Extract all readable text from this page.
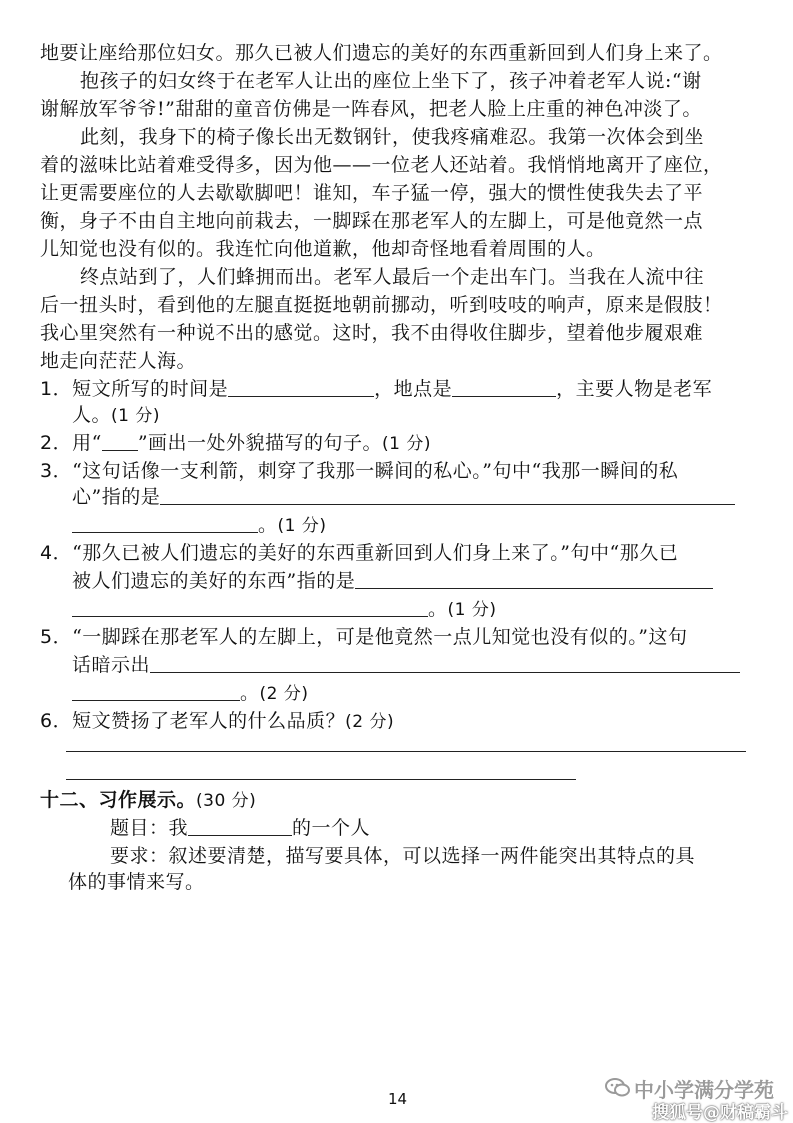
地要让座给那位妇女。那久已被人们遗忘的美好的东西重新回到人们身上来了。
抱孩子的妇女终于在老军人让出的座位上坐下了，孩子冲着老军人说:“谢
谢解放军爷爷!”甜甜的童音仿佛是一阵春风，把老人脸上庄重的神色冲淡了。
此刻，我身下的椅子像长出无数钢针，使我疼痛难忍。我第一次体会到坐
着的滋味比站着难受得多，因为他——一位老人还站着。我悄悄地离开了座位，
让更需要座位的人去歇歇脚吧！谁知，车子猛一停，强大的惯性使我失去了平
衡，身子不由自主地向前栽去，一脚踩在那老军人的左脚上，可是他竟然一点
儿知觉也没有似的。我连忙向他道歉，他却奇怪地看着周围的人。
终点站到了，人们蜂拥而出。老军人最后一个走出车门。当我在人流中往
后一扭头时，看到他的左腿直挺挺地朝前挪动，听到吱吱的响声，原来是假肢！
我心里突然有一种说不出的感觉。这时，我不由得收住脚步，望着他步履艰难
地走向茫茫人海。
1．短文所写的时间是	，地点是	，主要人物是老军
人。(1 分)
2．用“ ”画出一处外貌描写的句子。(1 分)
3．“这句话像一支利箭，刺穿了我那一瞬间的私心。”句中“我那一瞬间的私
心”指的是
。(1 分)
4．“那久已被人们遗忘的美好的东西重新回到人们身上来了。”句中“那久已
被人们遗忘的美好的东西”指的是
。(1 分)
5．“一脚踩在那老军人的左脚上，可是他竟然一点儿知觉也没有似的。”这句
话暗示出
。(2 分)
6．短文赞扬了老军人的什么品质？(2 分)
十二、习作展示。(30 分)
题目：我	的一个人
要求：叙述要清楚，描写要具体，可以选择一两件能突出其特点的具
体的事情来写。
14	中小学满分学苑
搜狐号@财稿霸斗
